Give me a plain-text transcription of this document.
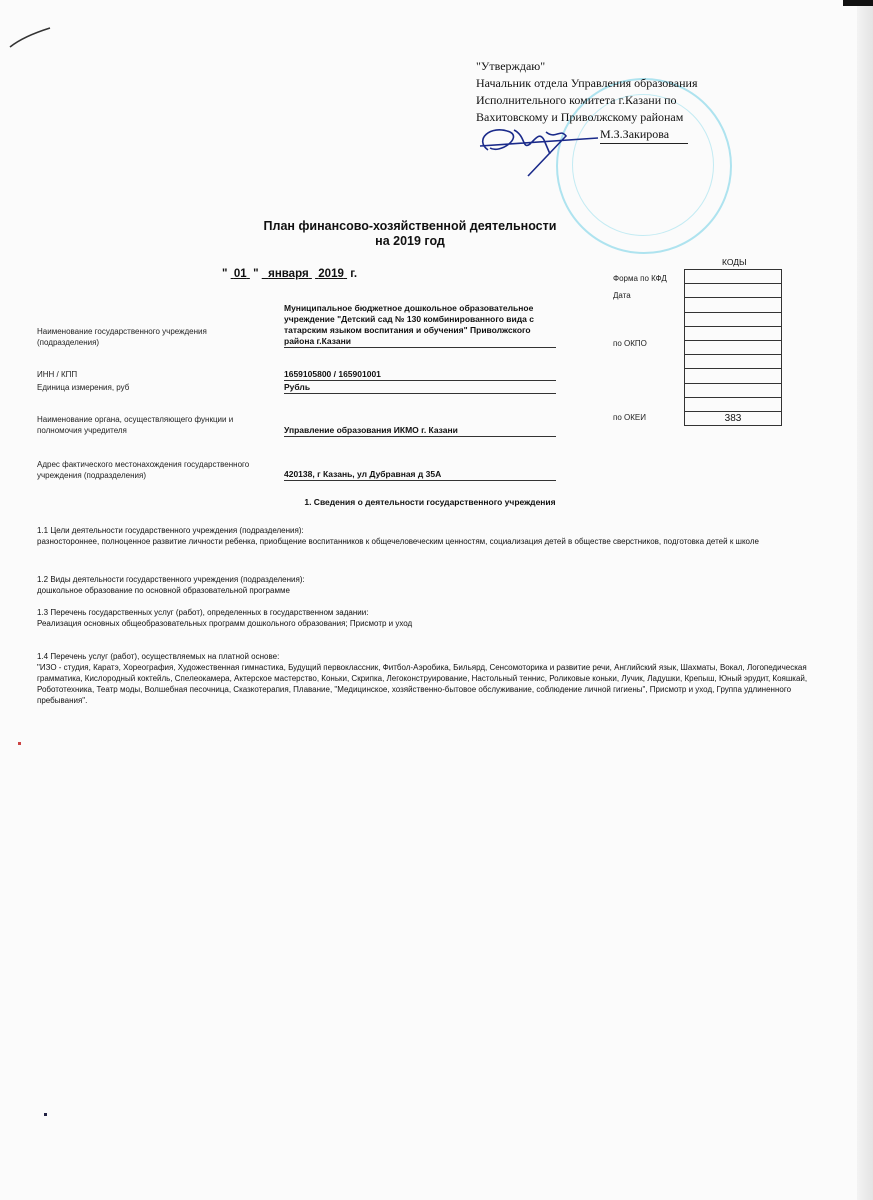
"Утверждаю"
Начальник отдела Управления образования
Исполнительного комитета г.Казани по
Вахитовскому и Приволжскому районам
М.З.Закирова
План финансово-хозяйственной деятельности
на 2019 год
" 01 " января 2019 г.
КОДЫ
Форма по КФД
Дата
по ОКПО
по ОКЕИ	383
Наименование государственного учреждения (подразделения)
Муниципальное бюджетное дошкольное образовательное учреждение "Детский сад № 130 комбинированного вида с татарским языком воспитания и обучения" Приволжского района г.Казани
ИНН / КПП	1659105800 / 165901001
Единица измерения, руб	Рубль
Наименование органа, осуществляющего функции и полномочия учредителя	Управление образования ИКМО г. Казани
Адрес фактического местонахождения государственного учреждения (подразделения)	420138, г Казань, ул Дубравная д 35А
1. Сведения о деятельности государственного учреждения
1.1 Цели деятельности государственного учреждения (подразделения):
разностороннее, полноценное развитие личности ребенка, приобщение воспитанников к общечеловеческим ценностям, социализация детей в обществе сверстников, подготовка детей к школе
1.2 Виды деятельности государственного учреждения (подразделения):
дошкольное образование по основной образовательной программе
1.3 Перечень государственных услуг (работ), определенных в государственном задании:
Реализация основных общеобразовательных программ дошкольного образования; Присмотр и уход
1.4 Перечень услуг (работ), осуществляемых на платной основе:
"ИЗО - студия, Каратэ, Хореография, Художественная гимнастика, Будущий первоклассник, Фитбол-Аэробика, Бильярд, Сенсомоторика и развитие речи, Английский язык, Шахматы, Вокал, Логопедическая грамматика, Кислородный коктейль, Спелеокамера, Актерское мастерство, Коньки, Скрипка, Легоконструирование, Настольный теннис, Роликовые коньки, Лучик, Ладушки, Крепыш, Юный эрудит, Кояшкай, Робототехника, Театр моды, Волшебная песочница, Сказкотерапия, Плавание, "Медицинское, хозяйственно-бытовое обслуживание, соблюдение личной гигиены", Присмотр и уход, Группа удлиненного пребывания".
